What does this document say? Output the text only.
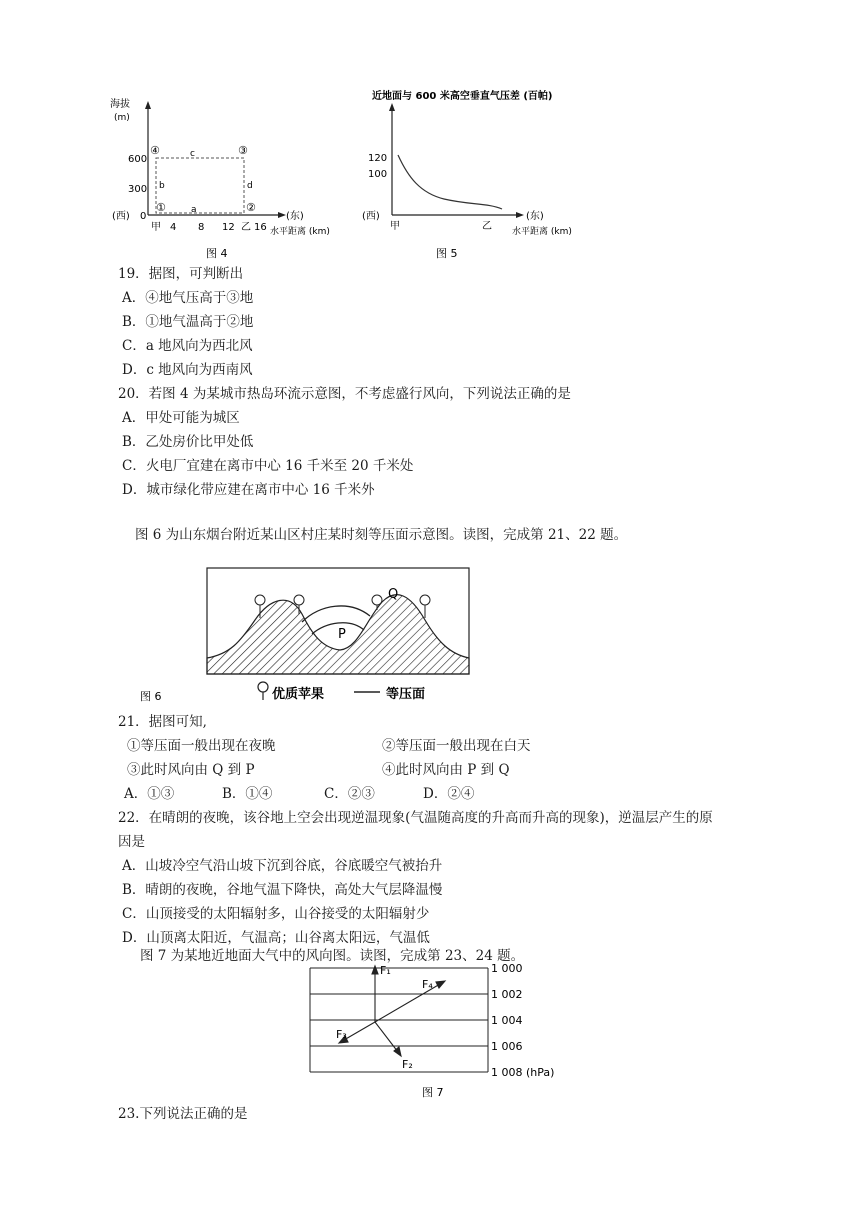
海拔
(m)
600
300
0
(西)	(东)
④	③
①	②
c
b	d
a
甲 4 8 12 乙 16 水平距离 (km)
图 4
近地面与 600 米高空垂直气压差 (百帕)
120
100
(西)	(东)
甲	乙 水平距离 (km)
图 5
19．据图，可判断出
A．④地气压高于③地
B．①地气温高于②地
C．a 地风向为西北风
D．c 地风向为西南风
20．若图 4 为某城市热岛环流示意图，不考虑盛行风向，下列说法正确的是
A．甲处可能为城区
B．乙处房价比甲处低
C．火电厂宜建在离市中心 16 千米至 20 千米处
D．城市绿化带应建在离市中心 16 千米外
图 6 为山东烟台附近某山区村庄某时刻等压面示意图。读图，完成第 21、22 题。
Q
P
图 6	优质苹果	等压面
21．据图可知,
①等压面一般出现在夜晚	②等压面一般出现在白天
③此时风向由 Q 到 P	④此时风向由 P 到 Q
A．①③	B．①④	C．②③	D．②④
22．在晴朗的夜晚，该谷地上空会出现逆温现象(气温随高度的升高而升高的现象)，逆温层产生的原
因是
A．山坡冷空气沿山坡下沉到谷底，谷底暖空气被抬升
B．晴朗的夜晚，谷地气温下降快，高处大气层降温慢
C．山顶接受的太阳辐射多，山谷接受的太阳辐射少
D．山顶离太阳近，气温高；山谷离太阳远，气温低
图 7 为某地近地面大气中的风向图。读图，完成第 23、24 题。
F₁
F₄
F₃
F₂
1 000
1 002
1 004
1 006
1 008 (hPa)
图 7
23.下列说法正确的是
